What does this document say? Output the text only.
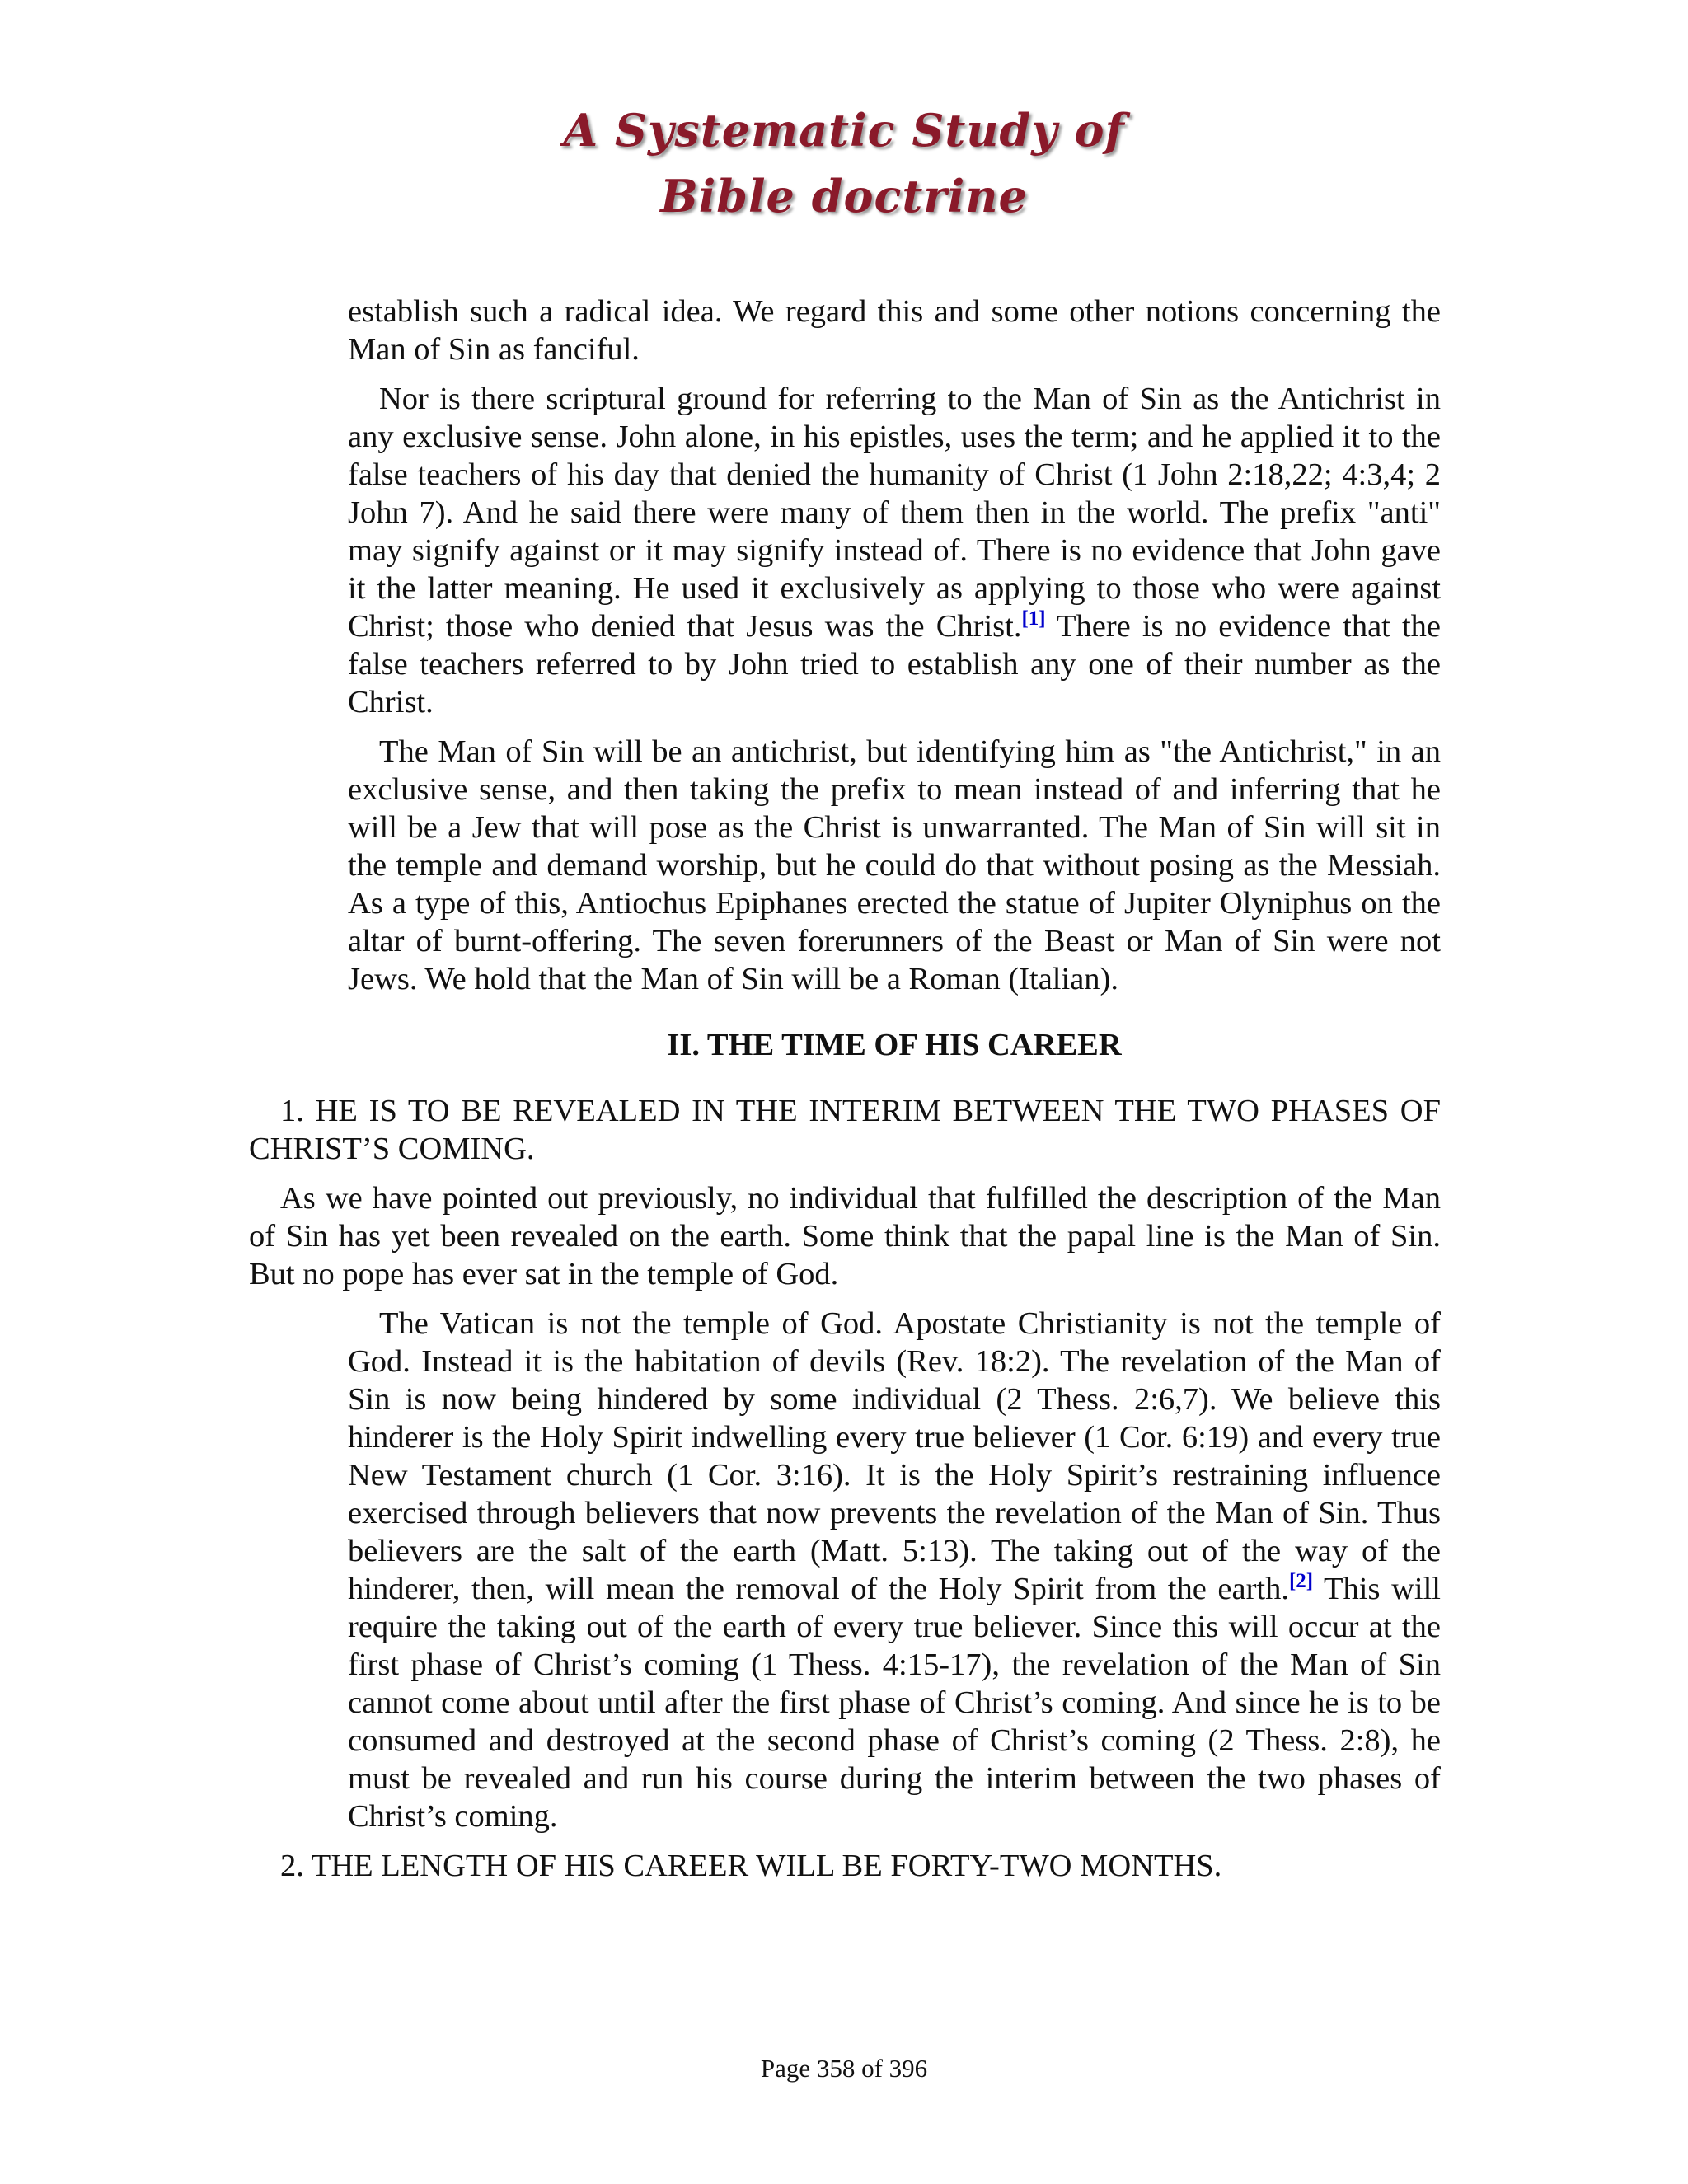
A Systematic Study of
Bible doctrine

establish such a radical idea. We regard this and some other notions concerning the Man of Sin as fanciful.

Nor is there scriptural ground for referring to the Man of Sin as the Antichrist in any exclusive sense. John alone, in his epistles, uses the term; and he applied it to the false teachers of his day that denied the humanity of Christ (1 John 2:18,22; 4:3,4; 2 John 7). And he said there were many of them then in the world. The prefix "anti" may signify against or it may signify instead of. There is no evidence that John gave it the latter meaning. He used it exclusively as applying to those who were against Christ; those who denied that Jesus was the Christ.[1] There is no evidence that the false teachers referred to by John tried to establish any one of their number as the Christ.

The Man of Sin will be an antichrist, but identifying him as "the Antichrist," in an exclusive sense, and then taking the prefix to mean instead of and inferring that he will be a Jew that will pose as the Christ is unwarranted. The Man of Sin will sit in the temple and demand worship, but he could do that without posing as the Messiah. As a type of this, Antiochus Epiphanes erected the statue of Jupiter Olyniphus on the altar of burnt-offering. The seven forerunners of the Beast or Man of Sin were not Jews. We hold that the Man of Sin will be a Roman (Italian).

II. THE TIME OF HIS CAREER

1. HE IS TO BE REVEALED IN THE INTERIM BETWEEN THE TWO PHASES OF CHRIST’S COMING.

As we have pointed out previously, no individual that fulfilled the description of the Man of Sin has yet been revealed on the earth. Some think that the papal line is the Man of Sin. But no pope has ever sat in the temple of God.

The Vatican is not the temple of God. Apostate Christianity is not the temple of God. Instead it is the habitation of devils (Rev. 18:2). The revelation of the Man of Sin is now being hindered by some individual (2 Thess. 2:6,7). We believe this hinderer is the Holy Spirit indwelling every true believer (1 Cor. 6:19) and every true New Testament church (1 Cor. 3:16). It is the Holy Spirit’s restraining influence exercised through believers that now prevents the revelation of the Man of Sin. Thus believers are the salt of the earth (Matt. 5:13). The taking out of the way of the hinderer, then, will mean the removal of the Holy Spirit from the earth.[2] This will require the taking out of the earth of every true believer. Since this will occur at the first phase of Christ’s coming (1 Thess. 4:15-17), the revelation of the Man of Sin cannot come about until after the first phase of Christ’s coming. And since he is to be consumed and destroyed at the second phase of Christ’s coming (2 Thess. 2:8), he must be revealed and run his course during the interim between the two phases of Christ’s coming.

2. THE LENGTH OF HIS CAREER WILL BE FORTY-TWO MONTHS.

Page 358 of 396
